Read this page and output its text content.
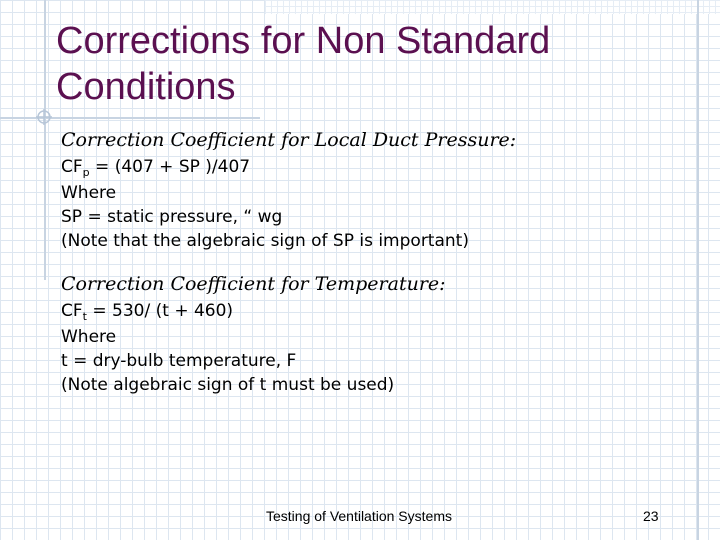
Corrections for Non Standard
Conditions
Correction Coefficient for Local Duct Pressure:
$CF_p = (407$ + SP )/407
Where
SP = static pressure, “ wg
(Note that the algebraic sign of SP is important)
Correction Coefficient for Temperature:
$CF_t = 530/$ (t + 460)
Where
t = dry-bulb temperature, F
(Note algebraic sign of t must be used)
Testing of Ventilation Systems	23
